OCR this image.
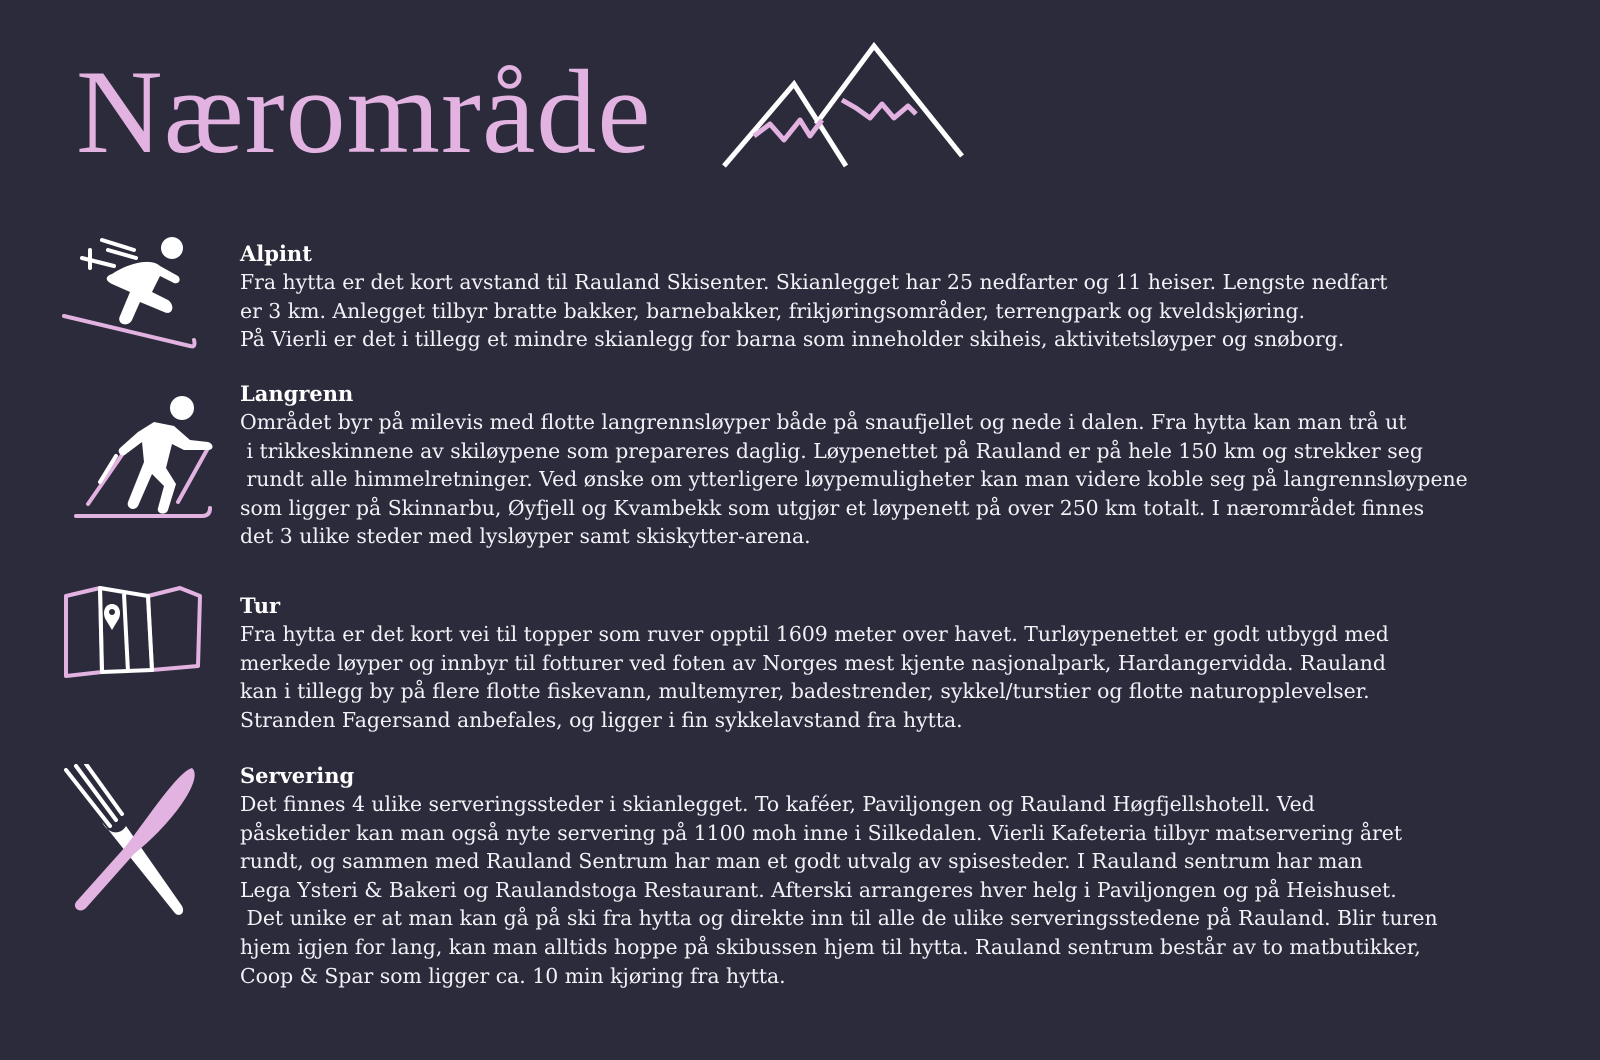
Nærområde
Alpint
Fra hytta er det kort avstand til Rauland Skisenter. Skianlegget har 25 nedfarter og 11 heiser. Lengste nedfart
er 3 km. Anlegget tilbyr bratte bakker, barnebakker, frikjøringsområder, terrengpark og kveldskjøring.
På Vierli er det i tillegg et mindre skianlegg for barna som inneholder skiheis, aktivitetsløyper og snøborg.
Langrenn
Området byr på milevis med flotte langrennsløyper både på snaufjellet og nede i dalen. Fra hytta kan man trå ut
i trikkeskinnene av skiløypene som prepareres daglig. Løypenettet på Rauland er på hele 150 km og strekker seg
rundt alle himmelretninger. Ved ønske om ytterligere løypemuligheter kan man videre koble seg på langrennsløypene
som ligger på Skinnarbu, Øyfjell og Kvambekk som utgjør et løypenett på over 250 km totalt. I nærområdet finnes
det 3 ulike steder med lysløyper samt skiskytter-arena.
Tur
Fra hytta er det kort vei til topper som ruver opptil 1609 meter over havet. Turløypenettet er godt utbygd med
merkede løyper og innbyr til fotturer ved foten av Norges mest kjente nasjonalpark, Hardangervidda. Rauland
kan i tillegg by på flere flotte fiskevann, multemyrer, badestrender, sykkel/turstier og flotte naturopplevelser.
Stranden Fagersand anbefales, og ligger i fin sykkelavstand fra hytta.
Servering
Det finnes 4 ulike serveringssteder i skianlegget. To kaféer, Paviljongen og Rauland Høgfjellshotell. Ved
påsketider kan man også nyte servering på 1100 moh inne i Silkedalen. Vierli Kafeteria tilbyr matservering året
rundt, og sammen med Rauland Sentrum har man et godt utvalg av spisesteder. I Rauland sentrum har man
Lega Ysteri & Bakeri og Raulandstoga Restaurant. Afterski arrangeres hver helg i Paviljongen og på Heishuset.
Det unike er at man kan gå på ski fra hytta og direkte inn til alle de ulike serveringsstedene på Rauland. Blir turen
hjem igjen for lang, kan man alltids hoppe på skibussen hjem til hytta. Rauland sentrum består av to matbutikker,
Coop & Spar som ligger ca. 10 min kjøring fra hytta.
